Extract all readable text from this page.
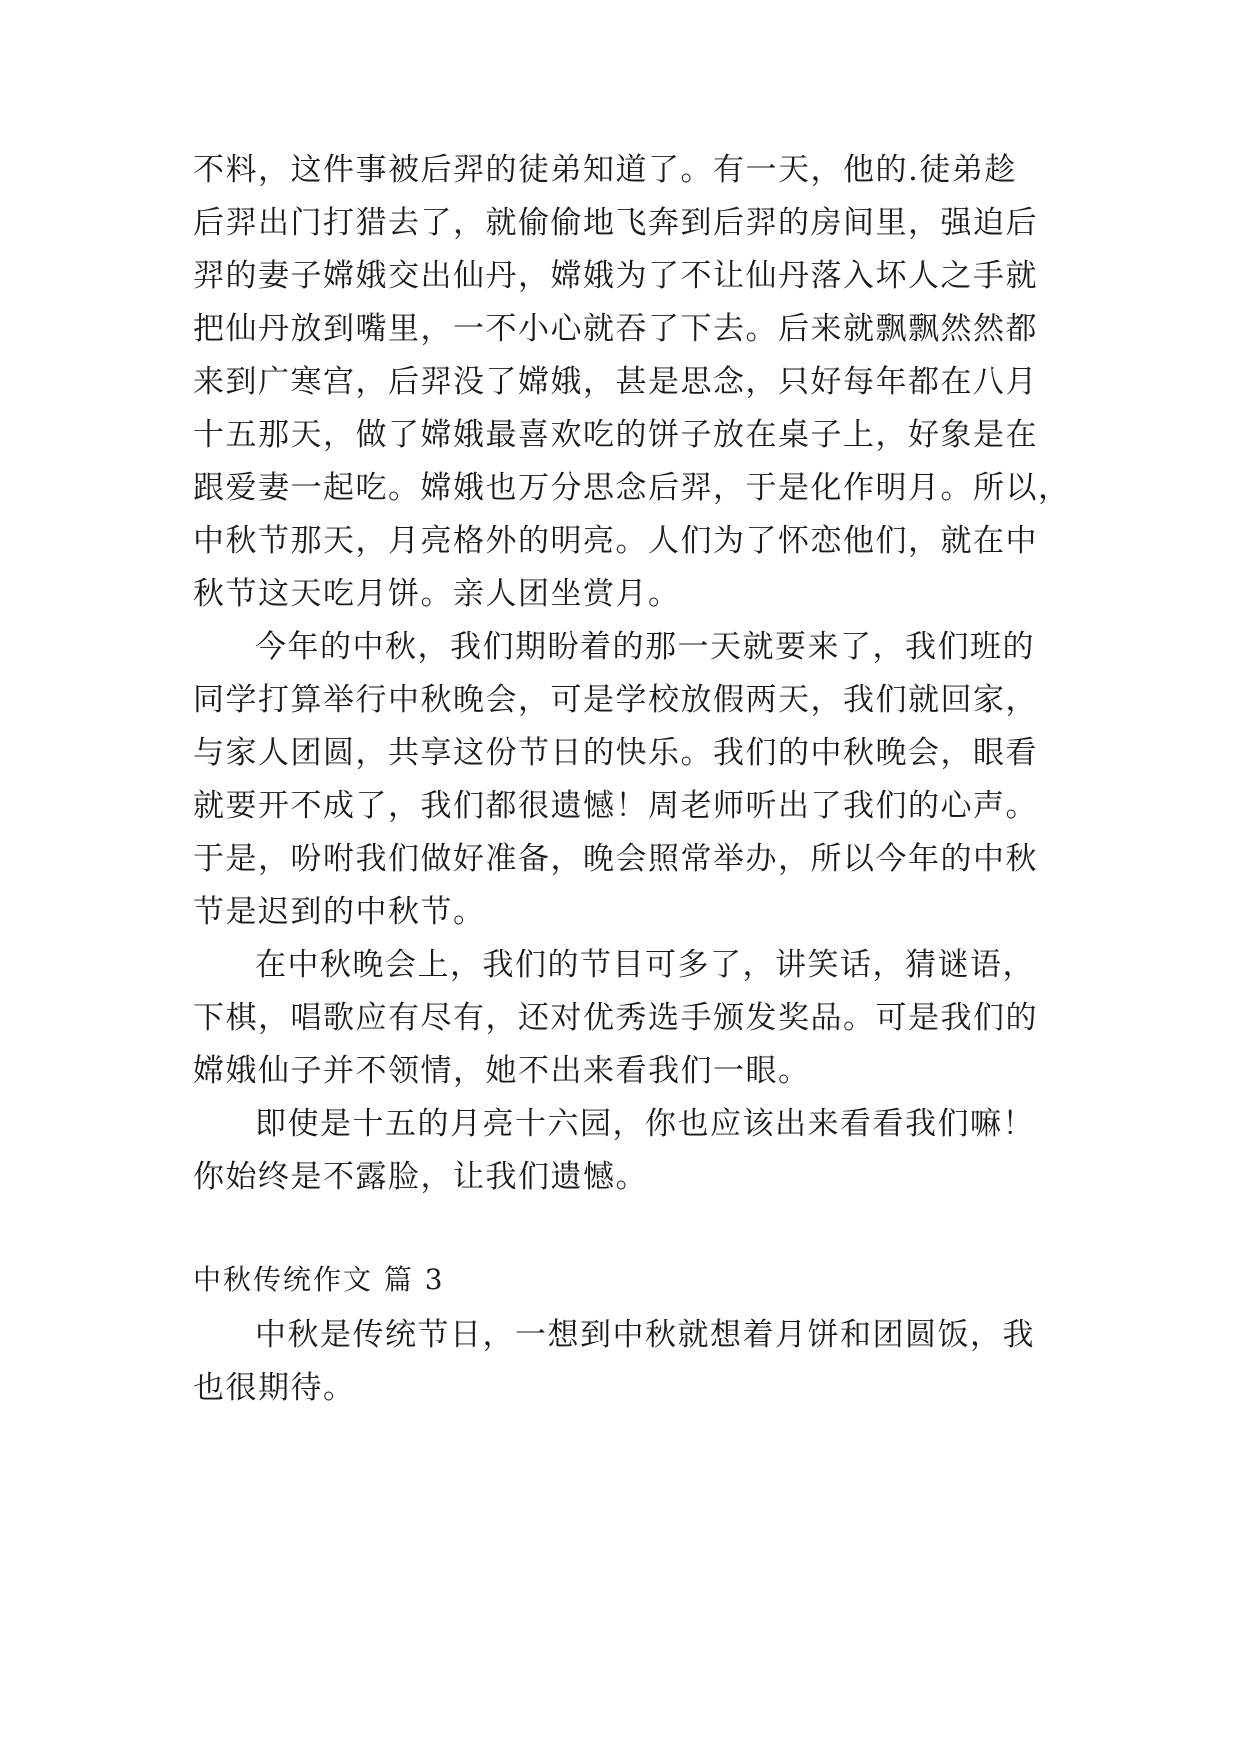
不料，这件事被后羿的徒弟知道了。有一天，他的.徒弟趁
后羿出门打猎去了，就偷偷地飞奔到后羿的房间里，强迫后
羿的妻子嫦娥交出仙丹，嫦娥为了不让仙丹落入坏人之手就
把仙丹放到嘴里，一不小心就吞了下去。后来就飘飘然然都
来到广寒宫，后羿没了嫦娥，甚是思念，只好每年都在八月
十五那天，做了嫦娥最喜欢吃的饼子放在桌子上，好象是在
跟爱妻一起吃。嫦娥也万分思念后羿，于是化作明月。所以，
中秋节那天，月亮格外的明亮。人们为了怀恋他们，就在中
秋节这天吃月饼。亲人团坐赏月。
今年的中秋，我们期盼着的那一天就要来了，我们班的
同学打算举行中秋晚会，可是学校放假两天，我们就回家，
与家人团圆，共享这份节日的快乐。我们的中秋晚会，眼看
就要开不成了，我们都很遗憾！周老师听出了我们的心声。
于是，吩咐我们做好准备，晚会照常举办，所以今年的中秋
节是迟到的中秋节。
在中秋晚会上，我们的节目可多了，讲笑话，猜谜语，
下棋，唱歌应有尽有，还对优秀选手颁发奖品。可是我们的
嫦娥仙子并不领情，她不出来看我们一眼。
即使是十五的月亮十六园，你也应该出来看看我们嘛！
你始终是不露脸，让我们遗憾。
中秋传统作文 篇 3
中秋是传统节日，一想到中秋就想着月饼和团圆饭，我
也很期待。
